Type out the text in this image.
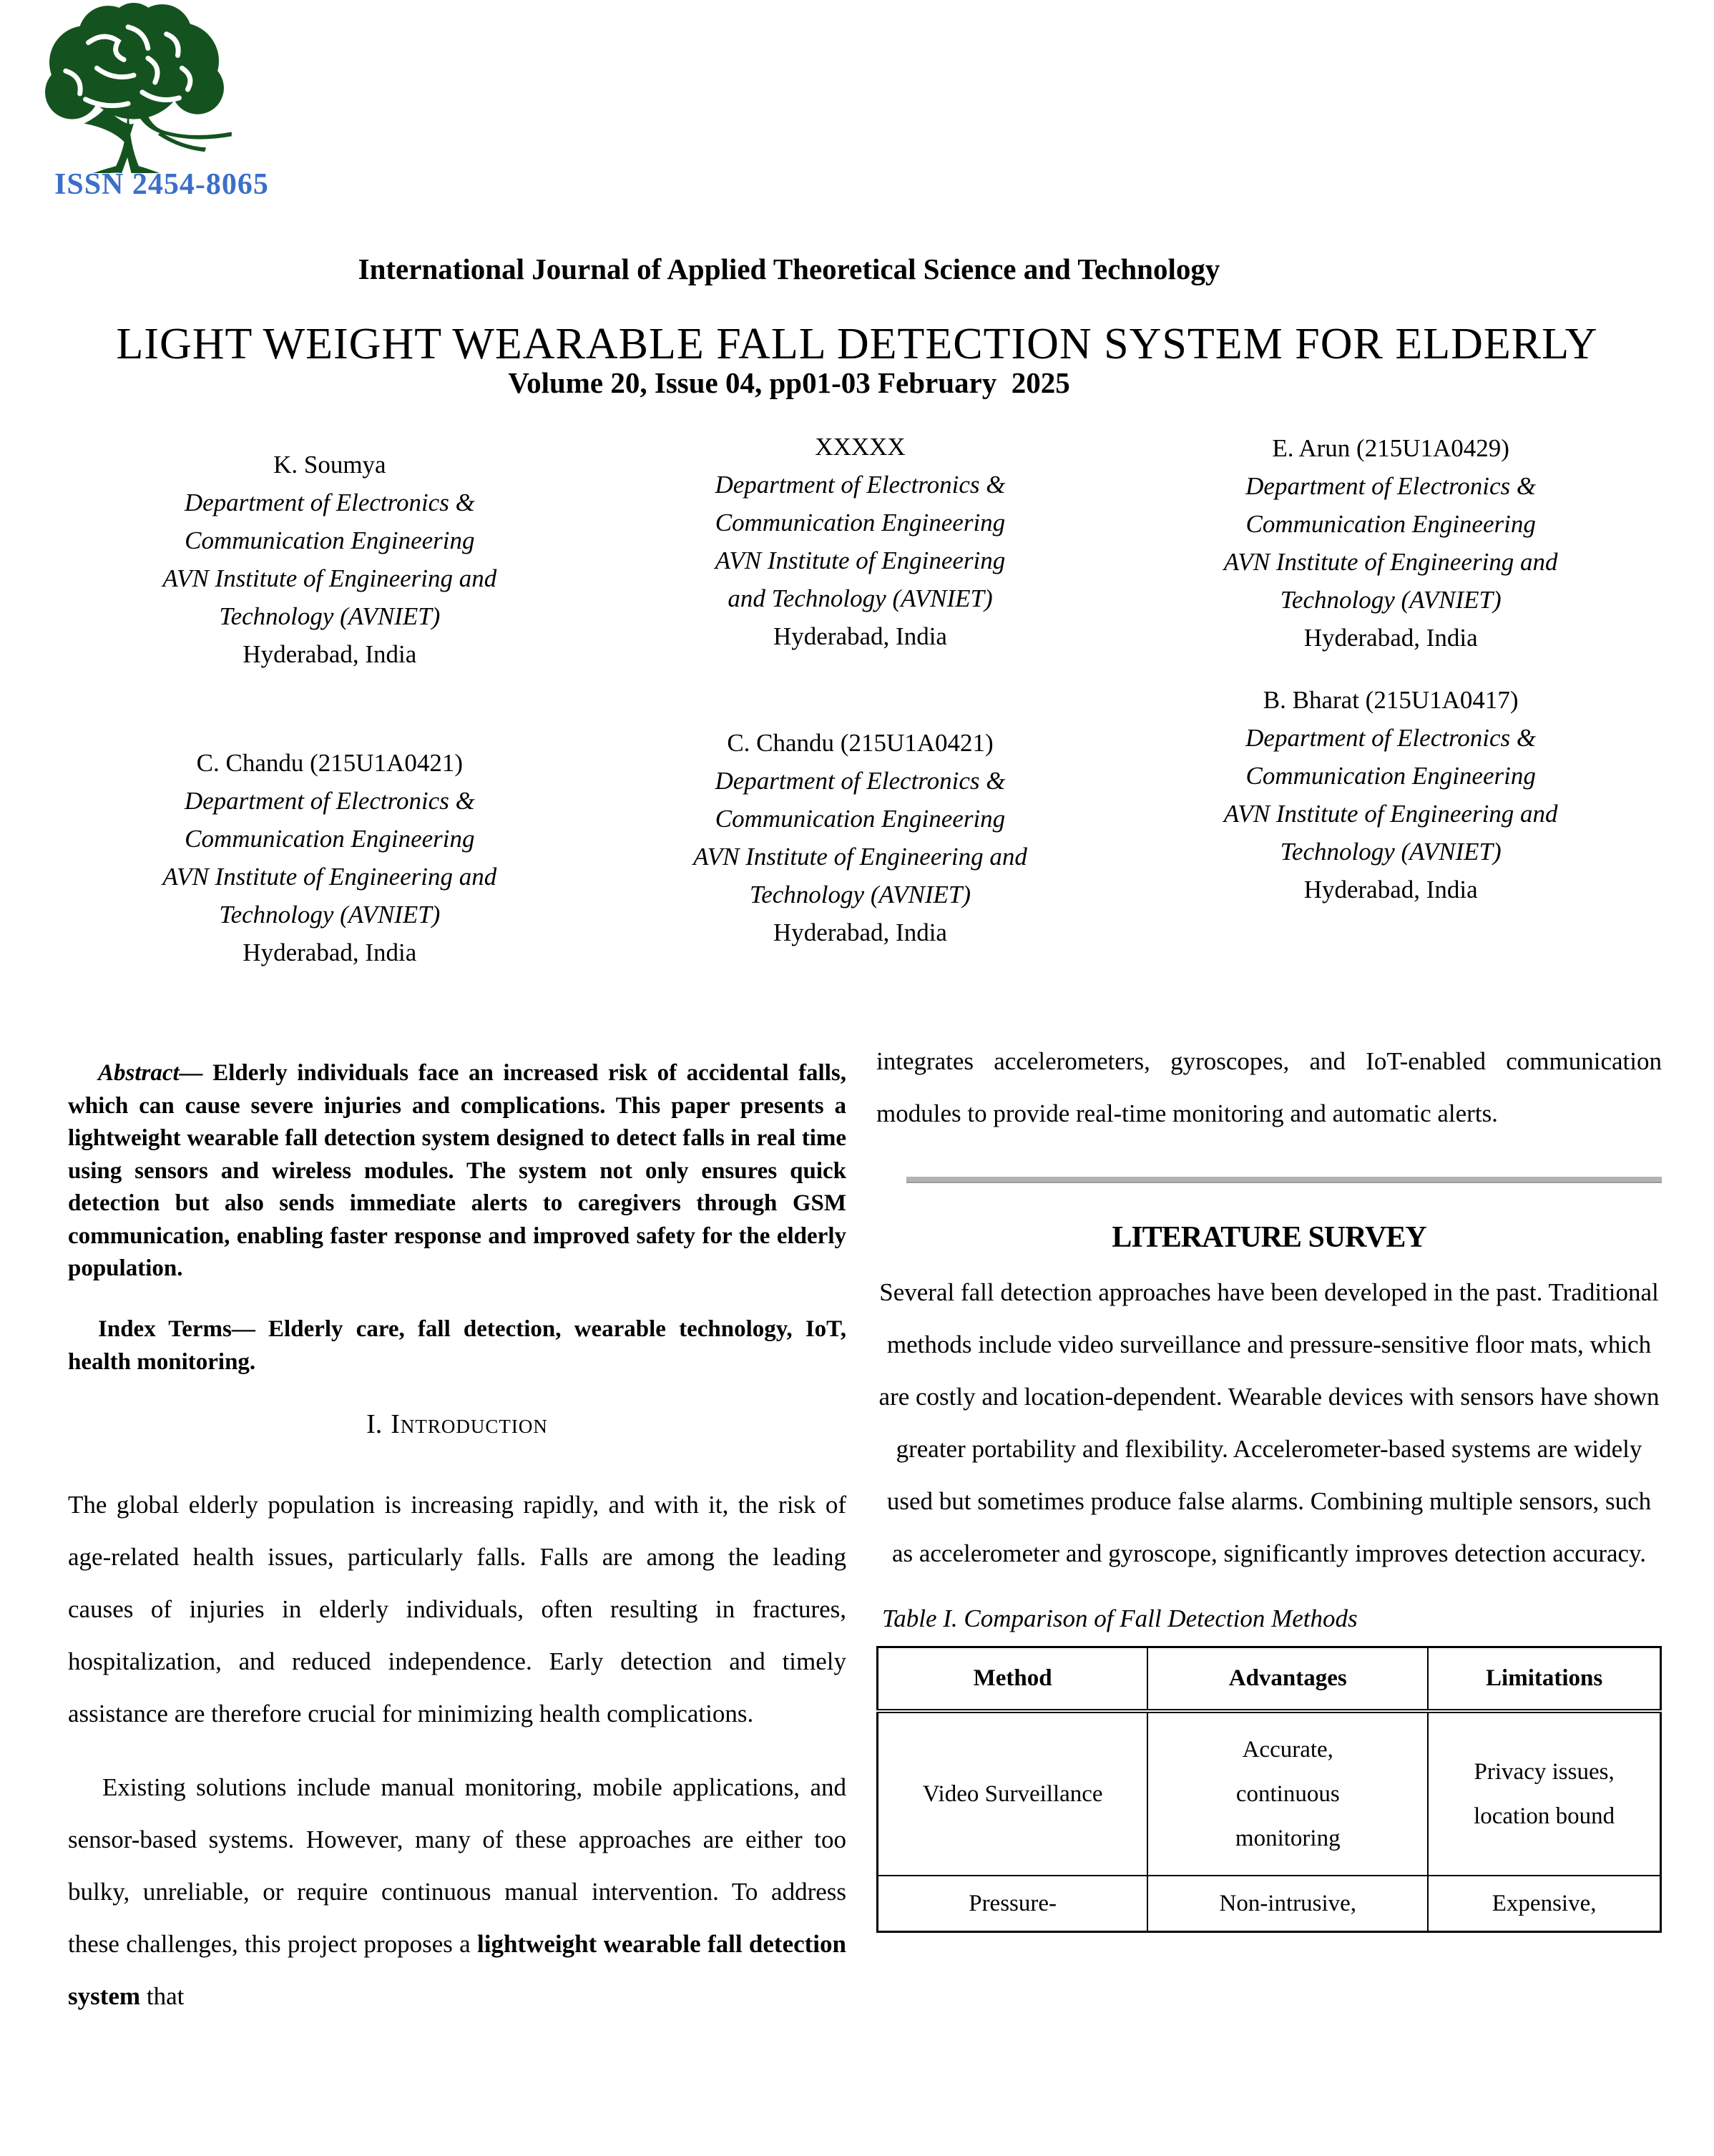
ISSN 2454-8065

International Journal of Applied Theoretical Science and Technology

Volume 20, Issue 04, pp01-03 February  2025

LIGHT WEIGHT WEARABLE FALL DETECTION SYSTEM FOR ELDERLY
K. Soumya
Department of Electronics &
Communication Engineering
AVN Institute of Engineering and
Technology (AVNIET)
Hyderabad, India
XXXXX
Department of Electronics &
Communication Engineering
AVN Institute of Engineering
and Technology (AVNIET)
Hyderabad, India
E. Arun (215U1A0429)
Department of Electronics &
Communication Engineering
AVN Institute of Engineering and
Technology (AVNIET)
Hyderabad, India
C. Chandu (215U1A0421)
Department of Electronics &
Communication Engineering
AVN Institute of Engineering and
Technology (AVNIET)
Hyderabad, India
C. Chandu (215U1A0421)
Department of Electronics &
Communication Engineering
AVN Institute of Engineering and
Technology (AVNIET)
Hyderabad, India
B. Bharat (215U1A0417)
Department of Electronics &
Communication Engineering
AVN Institute of Engineering and
Technology (AVNIET)
Hyderabad, India

Abstract— Elderly individuals face an increased risk of accidental falls, which can cause severe injuries and complications. This paper presents a lightweight wearable fall detection system designed to detect falls in real time using sensors and wireless modules. The system not only ensures quick detection but also sends immediate alerts to caregivers through GSM communication, enabling faster response and improved safety for the elderly population.

Index Terms— Elderly care, fall detection, wearable technology, IoT, health monitoring.

I. Introduction

The global elderly population is increasing rapidly, and with it, the risk of age-related health issues, particularly falls. Falls are among the leading causes of injuries in elderly individuals, often resulting in fractures, hospitalization, and reduced independence. Early detection and timely assistance are therefore crucial for minimizing health complications.

Existing solutions include manual monitoring, mobile applications, and sensor-based systems. However, many of these approaches are either too bulky, unreliable, or require continuous manual intervention. To address these challenges, this project proposes a lightweight wearable fall detection system that

integrates accelerometers, gyroscopes, and IoT-enabled communication modules to provide real-time monitoring and automatic alerts.

LITERATURE SURVEY

Several fall detection approaches have been developed in the past. Traditional methods include video surveillance and pressure-sensitive floor mats, which are costly and location-dependent. Wearable devices with sensors have shown greater portability and flexibility. Accelerometer-based systems are widely used but sometimes produce false alarms. Combining multiple sensors, such as accelerometer and gyroscope, significantly improves detection accuracy.

Table I. Comparison of Fall Detection Methods
Method	Advantages	Limitations
Video Surveillance	Accurate, continuous monitoring	Privacy issues, location bound
Pressure-	Non-intrusive,	Expensive,
